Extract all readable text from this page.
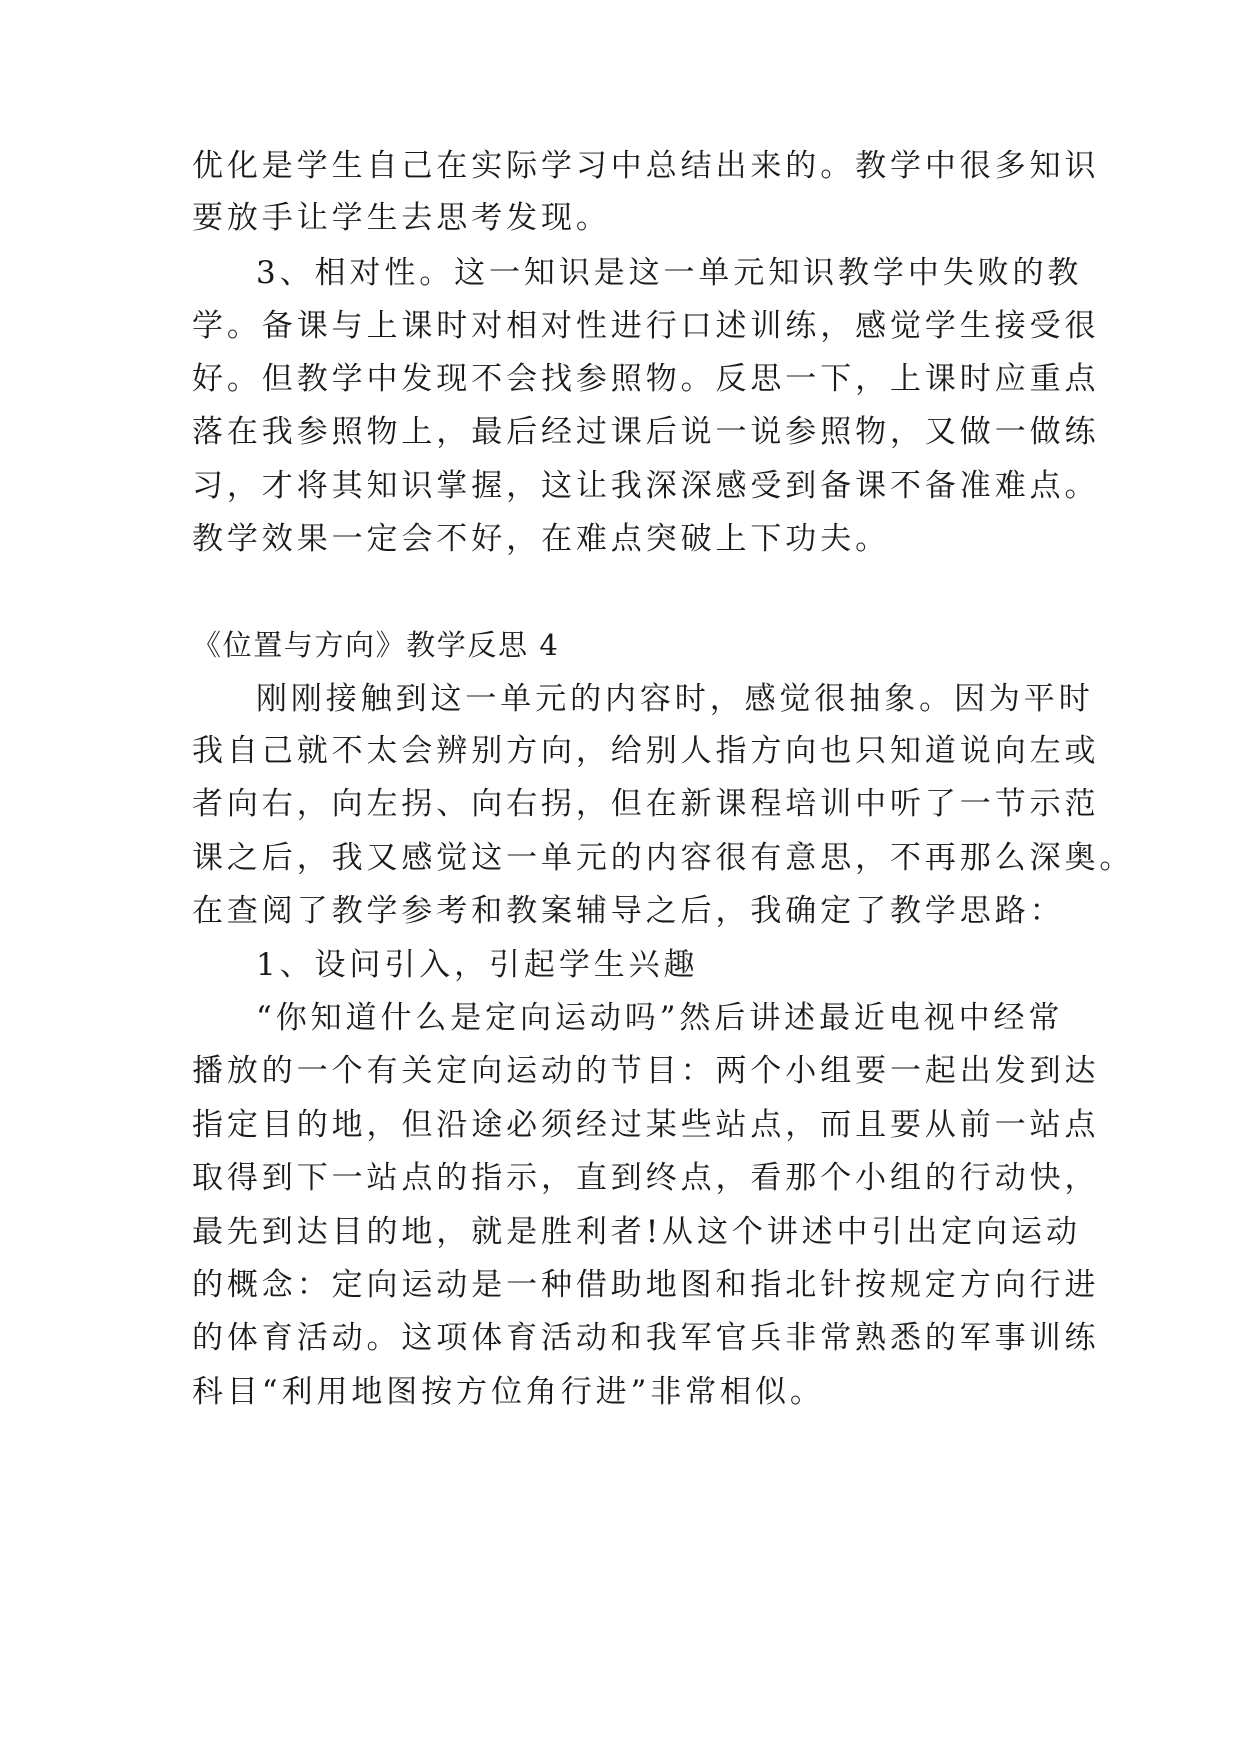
优化是学生自己在实际学习中总结出来的。教学中很多知识
要放手让学生去思考发现。
3、相对性。这一知识是这一单元知识教学中失败的教
学。备课与上课时对相对性进行口述训练，感觉学生接受很
好。但教学中发现不会找参照物。反思一下，上课时应重点
落在我参照物上，最后经过课后说一说参照物，又做一做练
习，才将其知识掌握，这让我深深感受到备课不备准难点。
教学效果一定会不好，在难点突破上下功夫。
《位置与方向》教学反思 4
刚刚接触到这一单元的内容时，感觉很抽象。因为平时
我自己就不太会辨别方向，给别人指方向也只知道说向左或
者向右，向左拐、向右拐，但在新课程培训中听了一节示范
课之后，我又感觉这一单元的内容很有意思，不再那么深奥。
在查阅了教学参考和教案辅导之后，我确定了教学思路：
1、设问引入，引起学生兴趣
“你知道什么是定向运动吗”然后讲述最近电视中经常
播放的一个有关定向运动的节目：两个小组要一起出发到达
指定目的地，但沿途必须经过某些站点，而且要从前一站点
取得到下一站点的指示，直到终点，看那个小组的行动快，
最先到达目的地，就是胜利者!从这个讲述中引出定向运动
的概念：定向运动是一种借助地图和指北针按规定方向行进
的体育活动。这项体育活动和我军官兵非常熟悉的军事训练
科目“利用地图按方位角行进”非常相似。
